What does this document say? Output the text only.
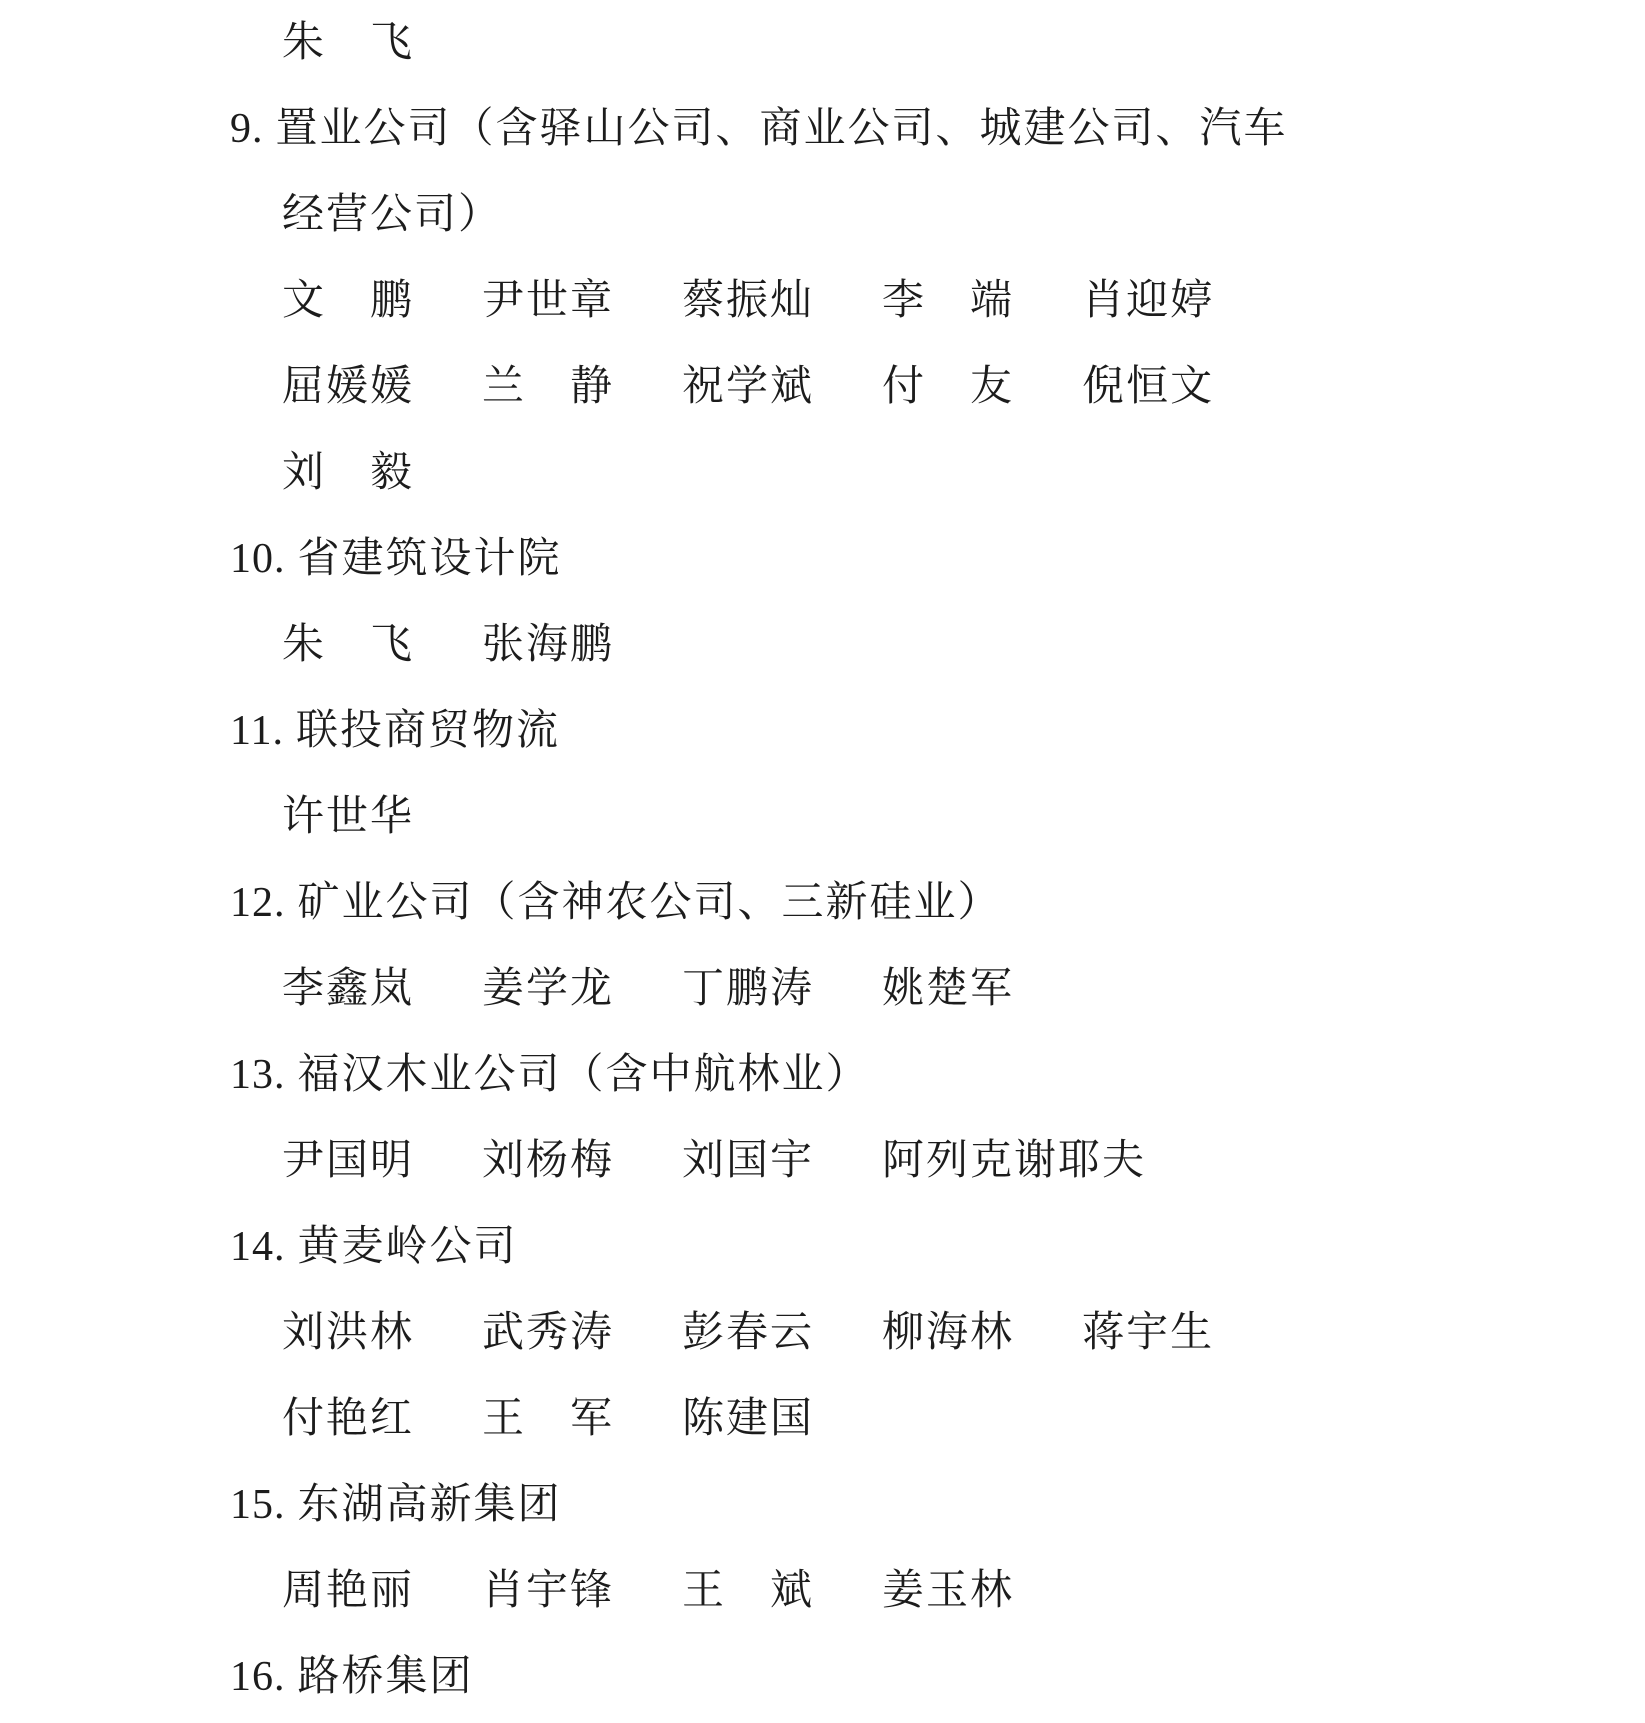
朱　飞
9. 置业公司（含驿山公司、商业公司、城建公司、汽车
经营公司）
文　鹏 尹世章 蔡振灿 李　端 肖迎婷
屈媛媛 兰　静 祝学斌 付　友 倪恒文
刘　毅
10. 省建筑设计院
朱　飞 张海鹏
11. 联投商贸物流
许世华
12. 矿业公司（含神农公司、三新硅业）
李鑫岚 姜学龙 丁鹏涛 姚楚军
13. 福汉木业公司（含中航林业）
尹国明 刘杨梅 刘国宇 阿列克谢耶夫
14. 黄麦岭公司
刘洪林 武秀涛 彭春云 柳海林 蒋宇生
付艳红 王　军 陈建国
15. 东湖高新集团
周艳丽 肖宇锋 王　斌 姜玉林
16. 路桥集团
